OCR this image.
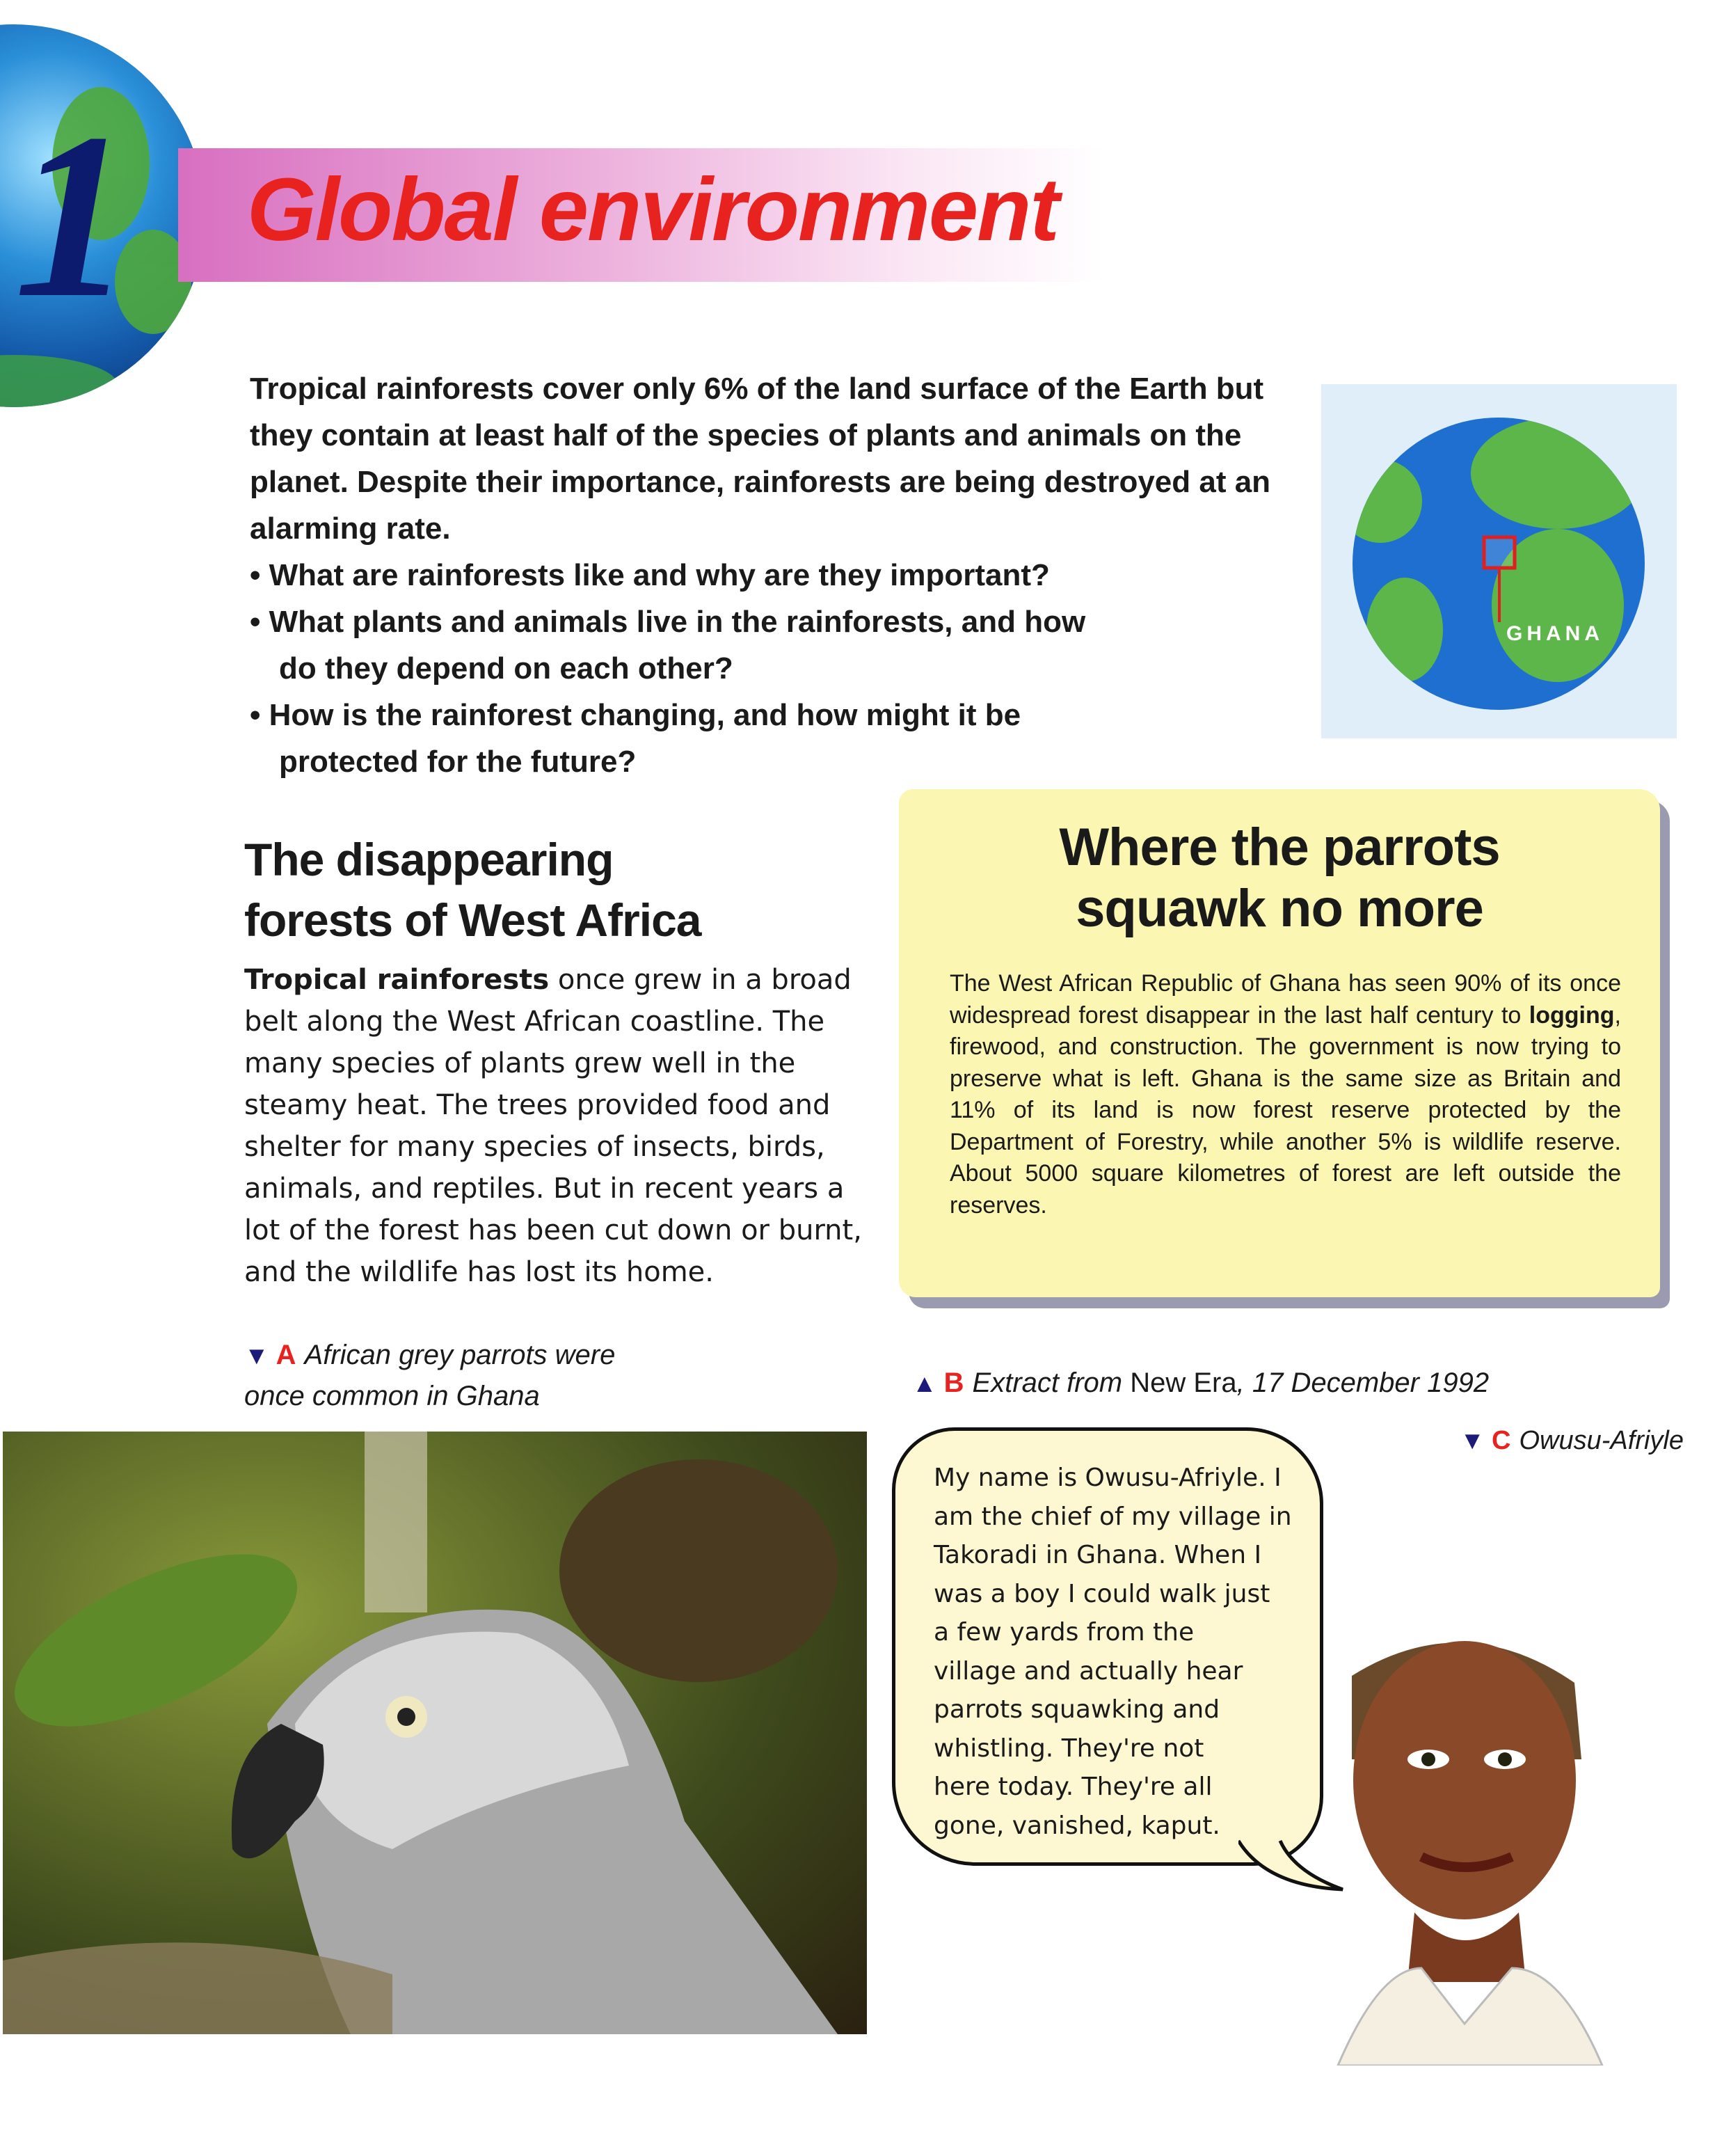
1 Global environment
Tropical rainforests cover only 6% of the land surface of the Earth but they contain at least half of the species of plants and animals on the planet. Despite their importance, rainforests are being destroyed at an alarming rate.
• What are rainforests like and why are they important?
• What plants and animals live in the rainforests, and how do they depend on each other?
• How is the rainforest changing, and how might it be protected for the future?
GHANA
The disappearing
forests of West Africa
Tropical rainforests once grew in a broad belt along the West African coastline. The many species of plants grew well in the steamy heat. The trees provided food and shelter for many species of insects, birds, animals, and reptiles. But in recent years a lot of the forest has been cut down or burnt, and the wildlife has lost its home.
Where the parrots
squawk no more
The West African Republic of Ghana has seen 90% of its once widespread forest disappear in the last half century to logging, firewood, and construction. The government is now trying to preserve what is left. Ghana is the same size as Britain and 11% of its land is now forest reserve protected by the Department of Forestry, while another 5% is wildlife reserve. About 5000 square kilometres of forest are left outside the reserves.
▼ A African grey parrots were
once common in Ghana	▲ B Extract from New Era, 17 December 1992
▼ C Owusu-Afriyle
My name is Owusu-Afriyle. I
am the chief of my village in
Takoradi in Ghana. When I
was a boy I could walk just
a few yards from the
village and actually hear
parrots squawking and
whistling. They're not
here today. They're all
gone, vanished, kaput.
